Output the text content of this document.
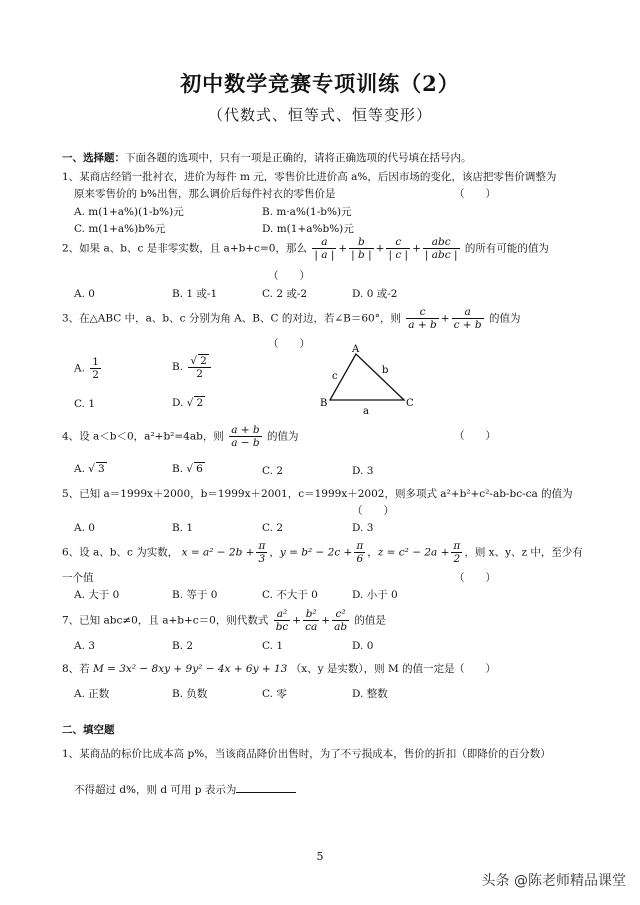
初中数学竞赛专项训练（2）
（代数式、恒等式、恒等变形）
一、选择题：下面各题的选项中，只有一项是正确的，请将正确选项的代号填在括号内。
1、某商店经销一批衬衣，进价为每件 m 元，零售价比进价高 a%，后因市场的变化，该店把零售价调整为
原来零售价的 b%出售，那么调价后每件衬衣的零售价是	（　　）
A. m(1+a%)(1-b%)元	B. m·a%(1-b%)元
C. m(1+a%)b%元	D. m(1+a%b%)元
2、如果 a、b、c 是非零实数，且 a+b+c=0，那么 $\frac{a}{| a |} + \frac{b}{| b |} + \frac{c}{| c |} + \frac{\text{abc}}{\text{| abc |}}$ 的所有可能的值为
（　　）
A. 0	B. 1 或-1	C. 2 或-2	D. 0 或-2
3、在△ABC 中，a、b、c 分别为角 A、B、C 的对边，若∠B＝60°，则 $\frac{c}{a + b} + \frac{a}{c + b}$ 的值为
（　　）
A. $\frac{1}{2}$	B. $\frac{√ 2}{2}$
C. 1	D. √ 2
A
B	C
a
b
c
4、设 a＜b＜0，a²+b²=4ab，则 $\frac{a + b}{a - b}$ 的值为	（　　）
A. √ 3	B. √ 6	C. 2	D. 3
5、已知 a＝1999x＋2000，b＝1999x＋2001，c＝1999x＋2002，则多项式 a²+b²+c²-ab-bc-ca 的值为
（　　）
A. 0	B. 1	C. 2	D. 3
6、设 a、b、c 为实数， $x = a^2 - 2b + \frac{\pi}{3}$ ，$y = b^2 - 2c + \frac{\pi}{6}$ ，$z = c^2 - 2a + \frac{\pi}{2}$ ，则 x、y、z 中，至少有
一个值	（　　）
A. 大于 0	B. 等于 0	C. 不大于 0	D. 小于 0
7、已知 abc≠0，且 a+b+c＝0，则代数式 $\frac{\text{a²}}{bc} + \frac{\text{b²}}{ca} + \frac{\text{c²}}{ab}$ 的值是
A. 3	B. 2	C. 1	D. 0
8、若 M = 3x² − 8xy + 9y² − 4x + 6y + 13 （x、y 是实数），则 M 的值一定是 （　　）
A. 正数	B. 负数	C. 零	D. 整数
二、填空题
1、某商品的标价比成本高 p%，当该商品降价出售时，为了不亏损成本，售价的折扣（即降价的百分数）
不得超过 d%，则 d 可用 p 表示为
5
头条 @陈老师精品课堂
